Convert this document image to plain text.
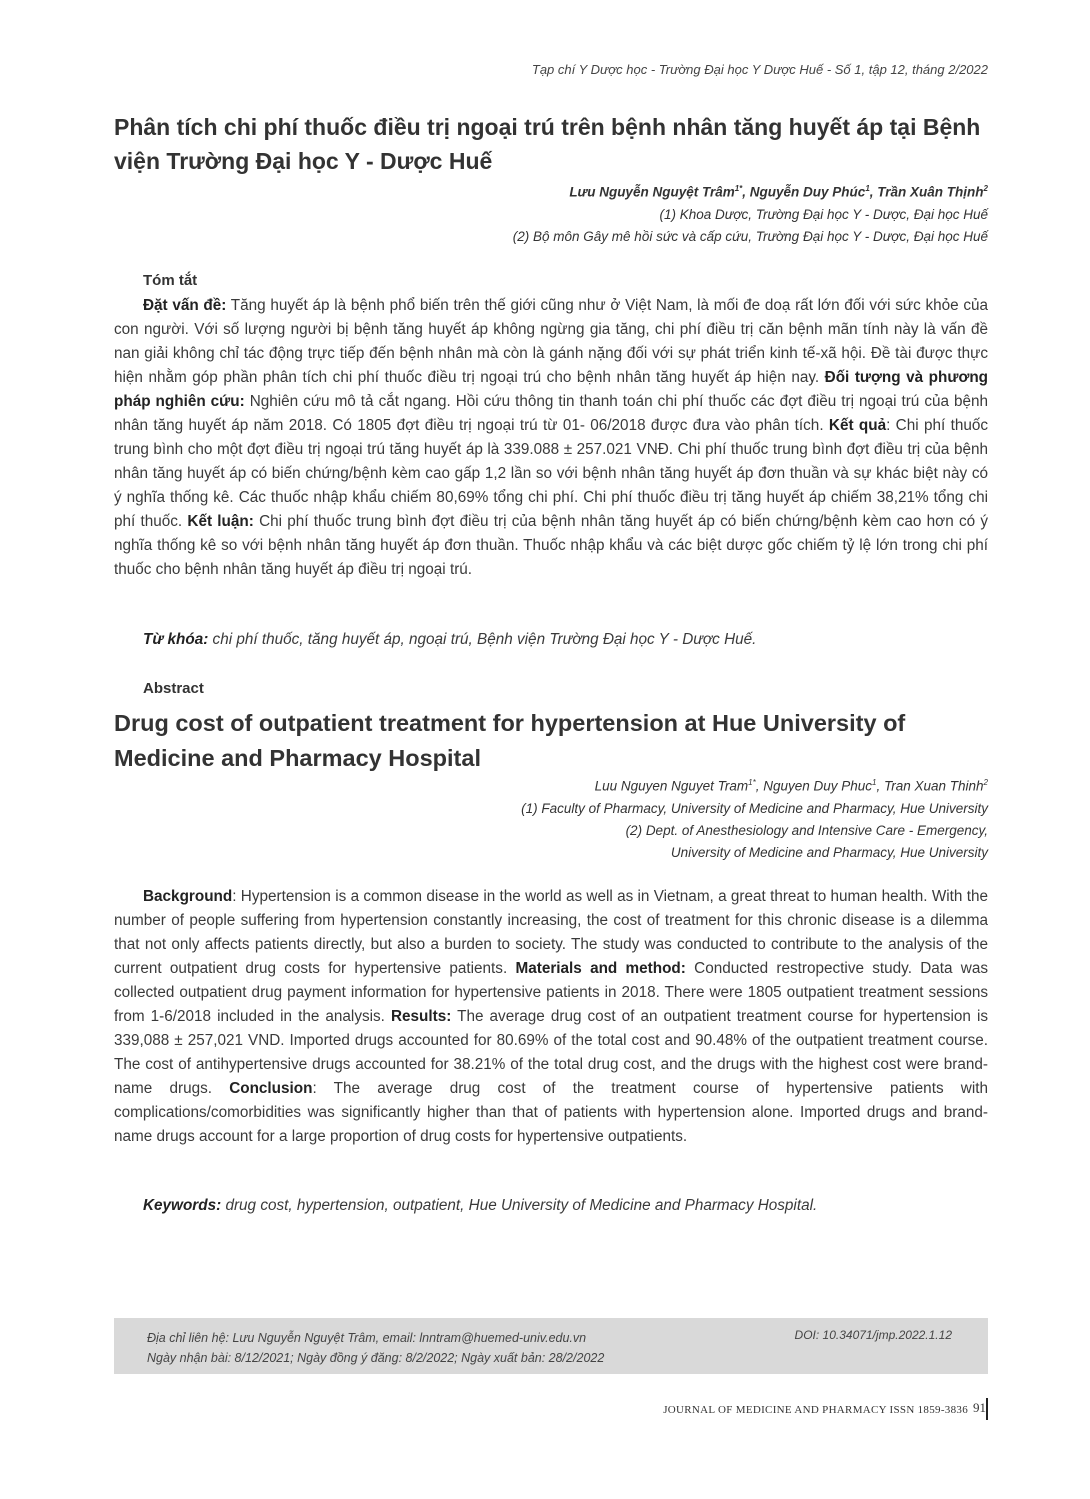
Tạp chí Y Dược học - Trường Đại học Y Dược Huế - Số 1, tập 12, tháng 2/2022
Phân tích chi phí thuốc điều trị ngoại trú trên bệnh nhân tăng huyết áp tại Bệnh viện Trường Đại học Y - Dược Huế
Lưu Nguyễn Nguyệt Trâm$^{1*}$, Nguyễn Duy Phúc$^1$, Trần Xuân Thịnh$^2$
(1) Khoa Dược, Trường Đại học Y - Dược, Đại học Huế
(2) Bộ môn Gây mê hồi sức và cấp cứu, Trường Đại học Y - Dược, Đại học Huế
Tóm tắt

Đặt vấn đề: Tăng huyết áp là bệnh phổ biến trên thế giới cũng như ở Việt Nam, là mối đe doạ rất lớn đối với sức khỏe của con người. Với số lượng người bị bệnh tăng huyết áp không ngừng gia tăng, chi phí điều trị căn bệnh mãn tính này là vấn đề nan giải không chỉ tác động trực tiếp đến bệnh nhân mà còn là gánh nặng đối với sự phát triển kinh tế-xã hội. Đề tài được thực hiện nhằm góp phần phân tích chi phí thuốc điều trị ngoại trú cho bệnh nhân tăng huyết áp hiện nay. Đối tượng và phương pháp nghiên cứu: Nghiên cứu mô tả cắt ngang. Hồi cứu thông tin thanh toán chi phí thuốc các đợt điều trị ngoại trú của bệnh nhân tăng huyết áp năm 2018. Có 1805 đợt điều trị ngoại trú từ 01- 06/2018 được đưa vào phân tích. Kết quả: Chi phí thuốc trung bình cho một đợt điều trị ngoại trú tăng huyết áp là 339.088 ± 257.021 VNĐ. Chi phí thuốc trung bình đợt điều trị của bệnh nhân tăng huyết áp có biến chứng/bệnh kèm cao gấp 1,2 lần so với bệnh nhân tăng huyết áp đơn thuần và sự khác biệt này có ý nghĩa thống kê. Các thuốc nhập khẩu chiếm 80,69% tổng chi phí. Chi phí thuốc điều trị tăng huyết áp chiếm 38,21% tổng chi phí thuốc. Kết luận: Chi phí thuốc trung bình đợt điều trị của bệnh nhân tăng huyết áp có biến chứng/bệnh kèm cao hơn có ý nghĩa thống kê so với bệnh nhân tăng huyết áp đơn thuần. Thuốc nhập khẩu và các biệt dược gốc chiếm tỷ lệ lớn trong chi phí thuốc cho bệnh nhân tăng huyết áp điều trị ngoại trú.

Từ khóa: chi phí thuốc, tăng huyết áp, ngoại trú, Bệnh viện Trường Đại học Y - Dược Huế.

Abstract
Drug cost of outpatient treatment for hypertension at Hue University of Medicine and Pharmacy Hospital
Luu Nguyen Nguyet Tram$^{1*}$, Nguyen Duy Phuc$^1$, Tran Xuan Thinh$^2$
(1) Faculty of Pharmacy, University of Medicine and Pharmacy, Hue University
(2) Dept. of Anesthesiology and Intensive Care - Emergency,
University of Medicine and Pharmacy, Hue University

Background: Hypertension is a common disease in the world as well as in Vietnam, a great threat to human health. With the number of people suffering from hypertension constantly increasing, the cost of treatment for this chronic disease is a dilemma that not only affects patients directly, but also a burden to society. The study was conducted to contribute to the analysis of the current outpatient drug costs for hypertensive patients. Materials and method: Conducted restropective study. Data was collected outpatient drug payment information for hypertensive patients in 2018. There were 1805 outpatient treatment sessions from 1-6/2018 included in the analysis. Results: The average drug cost of an outpatient treatment course for hypertension is 339,088 ± 257,021 VND. Imported drugs accounted for 80.69% of the total cost and 90.48% of the outpatient treatment course. The cost of antihypertensive drugs accounted for 38.21% of the total drug cost, and the drugs with the highest cost were brand-name drugs. Conclusion: The average drug cost of the treatment course of hypertensive patients with complications/comorbidities was significantly higher than that of patients with hypertension alone. Imported drugs and brand-name drugs account for a large proportion of drug costs for hypertensive outpatients.

Keywords: drug cost, hypertension, outpatient, Hue University of Medicine and Pharmacy Hospital.

Địa chỉ liên hệ: Lưu Nguyễn Nguyệt Trâm, email: lnntram@huemed-univ.edu.vn
Ngày nhận bài: 8/12/2021; Ngày đồng ý đăng: 8/2/2022; Ngày xuất bản: 28/2/2022
DOI: 10.34071/jmp.2022.1.12
JOURNAL OF MEDICINE AND PHARMACY ISSN 1859-3836 91
